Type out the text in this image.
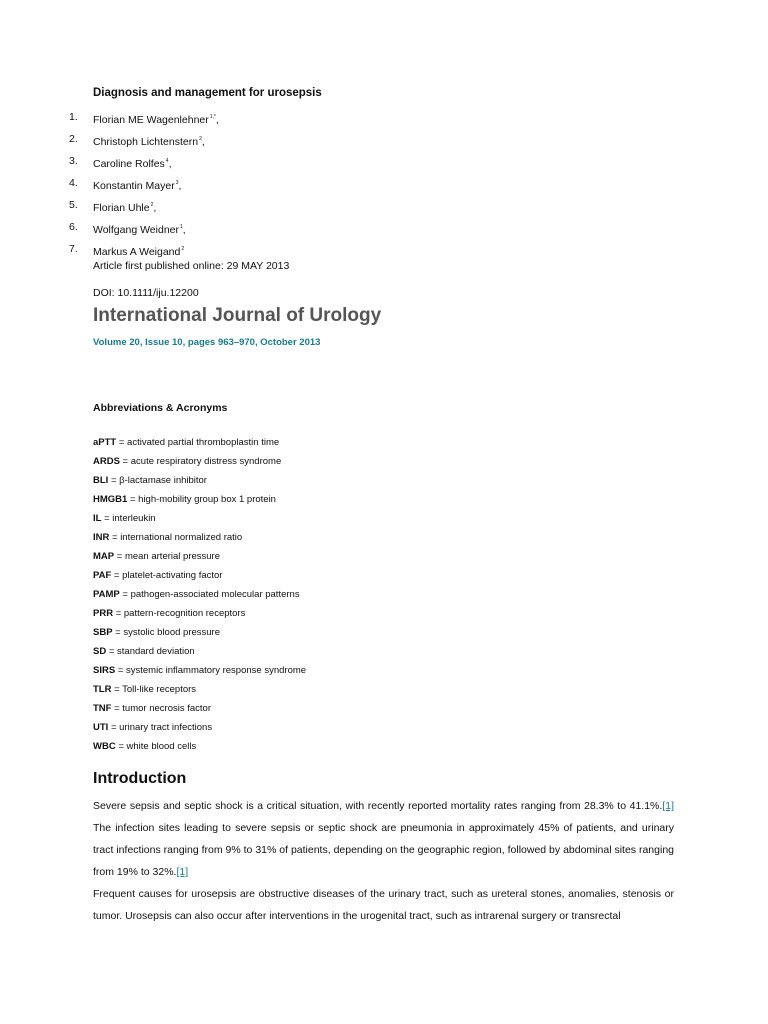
Diagnosis and management for urosepsis
1.	Florian ME Wagenlehner$^{1,*}$,
2.	Christoph Lichtenstern$^2$,
3.	Caroline Rolfes$^4$,
4.	Konstantin Mayer$^3$,
5.	Florian Uhle$^2$,
6.	Wolfgang Weidner$^1$,
7.	Markus A Weigand$^2$
Article first published online: 29 MAY 2013
DOI: 10.1111/iju.12200
International Journal of Urology
Volume 20, Issue 10, pages 963–970, October 2013
Abbreviations & Acronyms
aPTT = activated partial thromboplastin time
ARDS = acute respiratory distress syndrome
BLI = β-lactamase inhibitor
HMGB1 = high-mobility group box 1 protein
IL = interleukin
INR = international normalized ratio
MAP = mean arterial pressure
PAF = platelet-activating factor
PAMP = pathogen-associated molecular patterns
PRR = pattern-recognition receptors
SBP = systolic blood pressure
SD = standard deviation
SIRS = systemic inflammatory response syndrome
TLR = Toll-like receptors
TNF = tumor necrosis factor
UTI = urinary tract infections
WBC = white blood cells
Introduction

Severe sepsis and septic shock is a critical situation, with recently reported mortality rates ranging from 28.3% to 41.1%.[1] The infection sites leading to severe sepsis or septic shock are pneumonia in approximately 45% of patients, and urinary tract infections ranging from 9% to 31% of patients, depending on the geographic region, followed by abdominal sites ranging from 19% to 32%.[1]

Frequent causes for urosepsis are obstructive diseases of the urinary tract, such as ureteral stones, anomalies, stenosis or tumor. Urosepsis can also occur after interventions in the urogenital tract, such as intrarenal surgery or transrectal
